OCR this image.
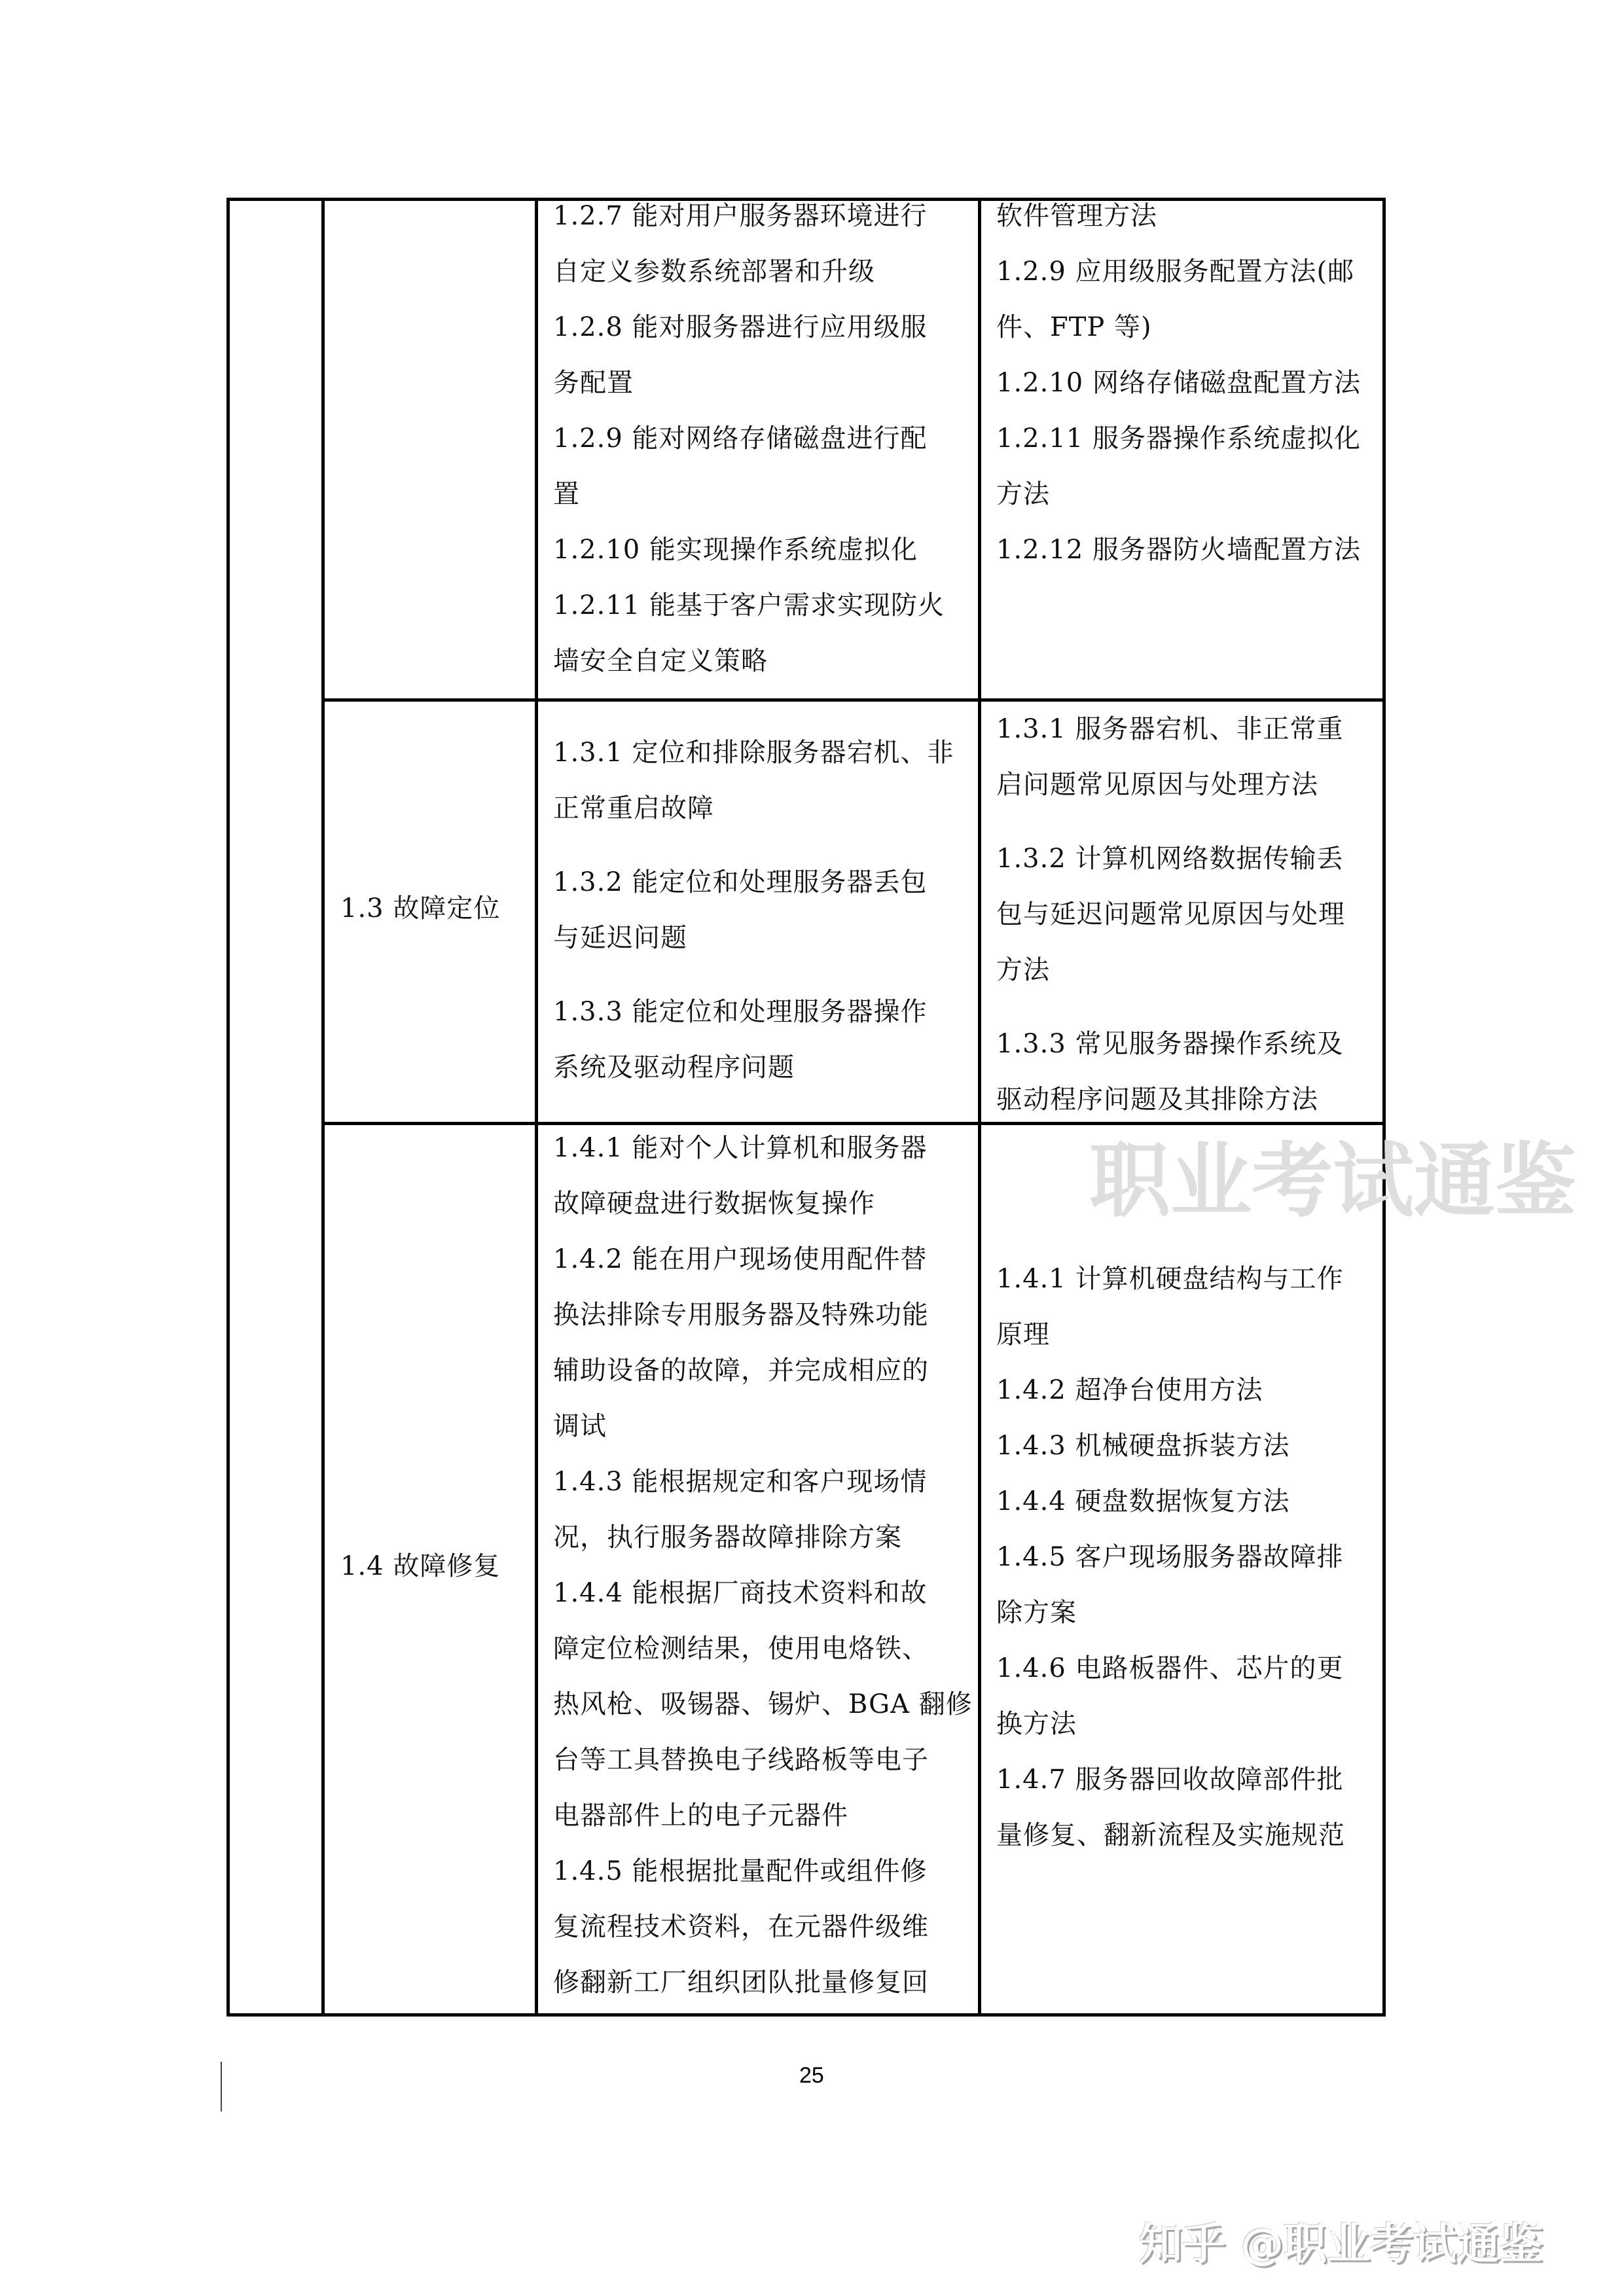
1.2.7 能对用户服务器环境进行
自定义参数系统部署和升级
1.2.8 能对服务器进行应用级服
务配置
1.2.9 能对网络存储磁盘进行配
置
1.2.10 能实现操作系统虚拟化
1.2.11 能基于客户需求实现防火
墙安全自定义策略
软件管理方法
1.2.9 应用级服务配置方法(邮
件、FTP 等)
1.2.10 网络存储磁盘配置方法
1.2.11 服务器操作系统虚拟化
方法
1.2.12 服务器防火墙配置方法
1.3 故障定位
1.3.1 定位和排除服务器宕机、非
正常重启故障
1.3.2 能定位和处理服务器丢包
与延迟问题
1.3.3 能定位和处理服务器操作
系统及驱动程序问题
1.3.1 服务器宕机、非正常重
启问题常见原因与处理方法
1.3.2 计算机网络数据传输丢
包与延迟问题常见原因与处理
方法
1.3.3 常见服务器操作系统及
驱动程序问题及其排除方法
1.4 故障修复
1.4.1 能对个人计算机和服务器
故障硬盘进行数据恢复操作
1.4.2 能在用户现场使用配件替
换法排除专用服务器及特殊功能
辅助设备的故障，并完成相应的
调试
1.4.3 能根据规定和客户现场情
况，执行服务器故障排除方案
1.4.4 能根据厂商技术资料和故
障定位检测结果，使用电烙铁、
热风枪、吸锡器、锡炉、BGA 翻修
台等工具替换电子线路板等电子
电器部件上的电子元器件
1.4.5 能根据批量配件或组件修
复流程技术资料，在元器件级维
修翻新工厂组织团队批量修复回
1.4.1 计算机硬盘结构与工作
原理
1.4.2 超净台使用方法
1.4.3 机械硬盘拆装方法
1.4.4 硬盘数据恢复方法
1.4.5 客户现场服务器故障排
除方案
1.4.6 电路板器件、芯片的更
换方法
1.4.7 服务器回收故障部件批
量修复、翻新流程及实施规范
职业考试通鉴
知乎 @职业考试通鉴
25
